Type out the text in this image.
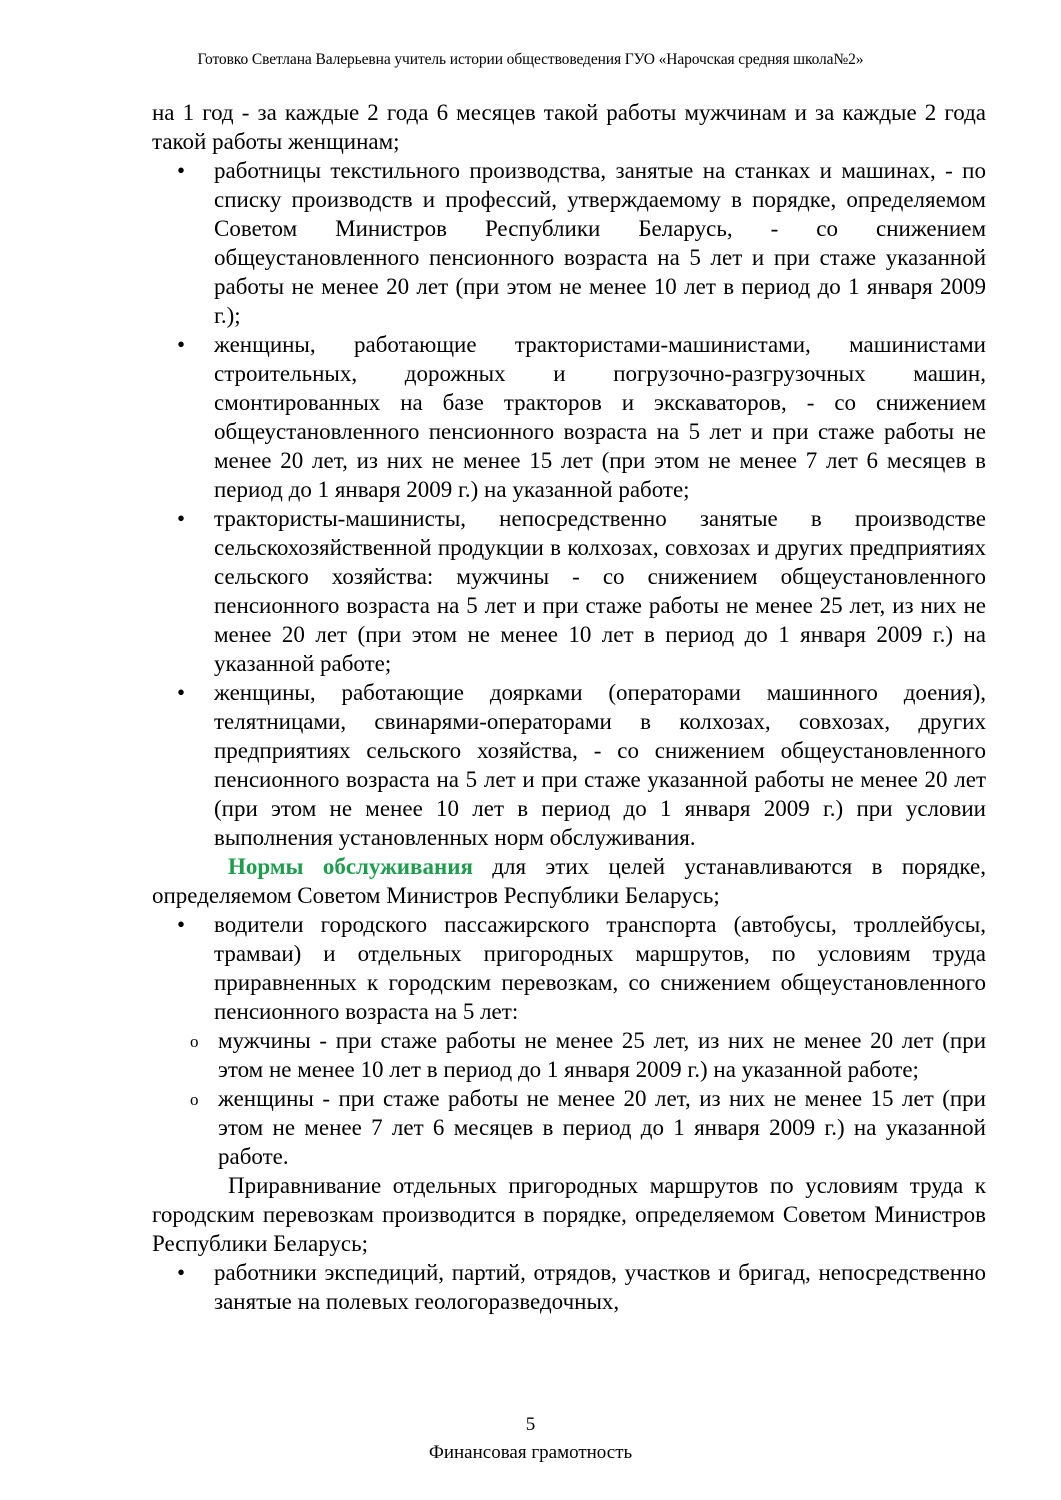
Готовко Светлана Валерьевна учитель истории обществоведения ГУО «Нарочская средняя школа№2»

на 1 год - за каждые 2 года 6 месяцев такой работы мужчинам и за каждые 2 года такой работы женщинам;

• работницы текстильного производства, занятые на станках и машинах, - по списку производств и профессий, утверждаемому в порядке, определяемом Советом Министров Республики Беларусь, - со снижением общеустановленного пенсионного возраста на 5 лет и при стаже указанной работы не менее 20 лет (при этом не менее 10 лет в период до 1 января 2009 г.);

• женщины, работающие трактористами-машинистами, машинистами строительных, дорожных и погрузочно-разгрузочных машин, смонтированных на базе тракторов и экскаваторов, - со снижением общеустановленного пенсионного возраста на 5 лет и при стаже работы не менее 20 лет, из них не менее 15 лет (при этом не менее 7 лет 6 месяцев в период до 1 января 2009 г.) на указанной работе;

• трактористы-машинисты, непосредственно занятые в производстве сельскохозяйственной продукции в колхозах, совхозах и других предприятиях сельского хозяйства: мужчины - со снижением общеустановленного пенсионного возраста на 5 лет и при стаже работы не менее 25 лет, из них не менее 20 лет (при этом не менее 10 лет в период до 1 января 2009 г.) на указанной работе;

• женщины, работающие доярками (операторами машинного доения), телятницами, свинарями-операторами в колхозах, совхозах, других предприятиях сельского хозяйства, - со снижением общеустановленного пенсионного возраста на 5 лет и при стаже указанной работы не менее 20 лет (при этом не менее 10 лет в период до 1 января 2009 г.) при условии выполнения установленных норм обслуживания.

Нормы обслуживания для этих целей устанавливаются в порядке, определяемом Советом Министров Республики Беларусь;

• водители городского пассажирского транспорта (автобусы, троллейбусы, трамваи) и отдельных пригородных маршрутов, по условиям труда приравненных к городским перевозкам, со снижением общеустановленного пенсионного возраста на 5 лет:

o мужчины - при стаже работы не менее 25 лет, из них не менее 20 лет (при этом не менее 10 лет в период до 1 января 2009 г.) на указанной работе;

o женщины - при стаже работы не менее 20 лет, из них не менее 15 лет (при этом не менее 7 лет 6 месяцев в период до 1 января 2009 г.) на указанной работе.

Приравнивание отдельных пригородных маршрутов по условиям труда к городским перевозкам производится в порядке, определяемом Советом Министров Республики Беларусь;

• работники экспедиций, партий, отрядов, участков и бригад, непосредственно занятые на полевых геологоразведочных,

5
Финансовая грамотность
